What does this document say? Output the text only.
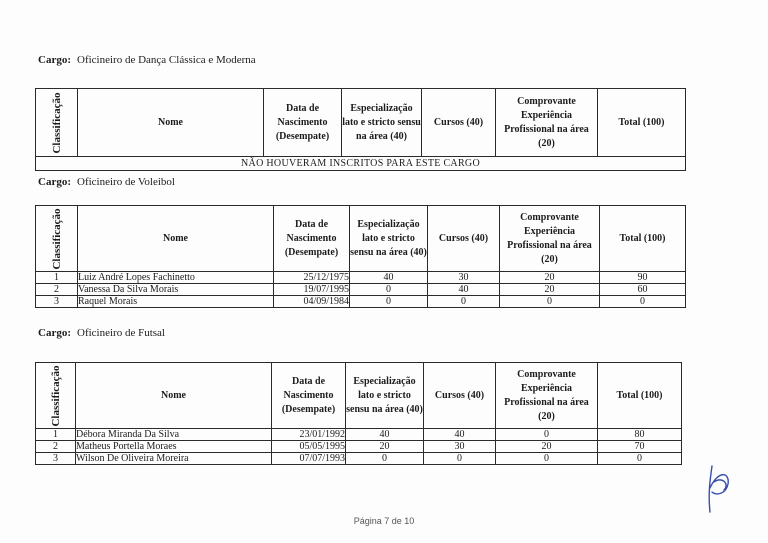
Cargo: Oficineiro de Dança Clássica e Moderna
Classificação	Nome	Data de Nascimento (Desempate)	Especialização lato e stricto sensu na área (40)	Cursos (40)	Comprovante Experiência Profissional na área (20)	Total (100)
NÃO HOUVERAM INSCRITOS PARA ESTE CARGO
Cargo: Oficineiro de Voleibol
Classificação	Nome	Data de Nascimento (Desempate)	Especialização lato e stricto sensu na área (40)	Cursos (40)	Comprovante Experiência Profissional na área (20)	Total (100)
1	Luiz André Lopes Fachinetto	25/12/1975	40	30	20	90
2	Vanessa Da Silva Morais	19/07/1995	0	40	20	60
3	Raquel Morais	04/09/1984	0	0	0	0
Cargo: Oficineiro de Futsal
Classificação	Nome	Data de Nascimento (Desempate)	Especialização lato e stricto sensu na área (40)	Cursos (40)	Comprovante Experiência Profissional na área (20)	Total (100)
1	Débora Miranda Da Silva	23/01/1992	40	40	0	80
2	Matheus Portella Moraes	05/05/1995	20	30	20	70
3	Wilson De Oliveira Moreira	07/07/1993	0	0	0	0
Página 7 de 10
